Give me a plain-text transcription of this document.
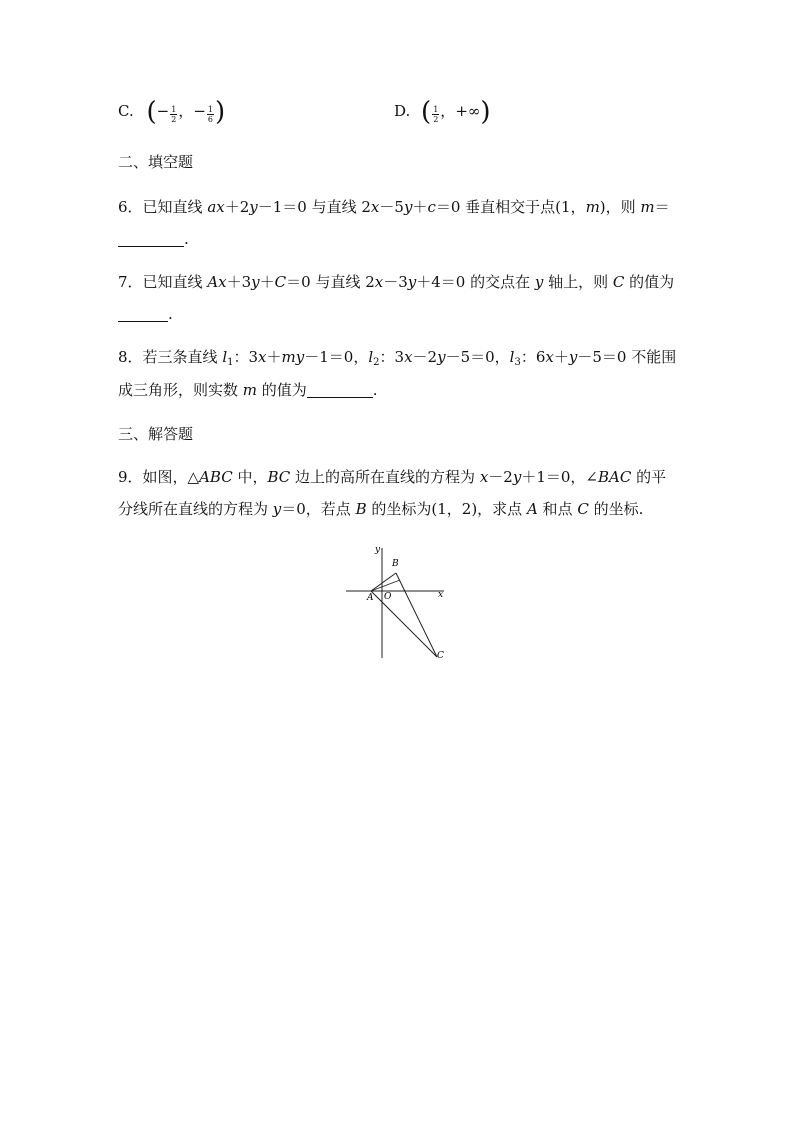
C. (− $\frac{1}{2}$ ，− $\frac{1}{6}$ )	D. ( $\frac{1}{2}$ ，+∞)
二、填空题
6．已知直线 ax＋2y－1＝0 与直线 2x－5y＋c＝0 垂直相交于点(1，m)，则 m＝
.
7．已知直线 Ax＋3y＋C＝0 与直线 2x－3y＋4＝0 的交点在 y 轴上，则 C 的值为
.
8．若三条直线 $l_1$：3x＋my－1＝0，$l_2$：3x－2y－5＝0，$l_3$：6x＋y－5＝0 不能围
成三角形，则实数 m 的值为	.
三、解答题
9．如图，△ABC 中，BC 边上的高所在直线的方程为 x－2y＋1＝0，∠BAC 的平
分线所在直线的方程为 y＝0，若点 B 的坐标为(1，2)，求点 A 和点 C 的坐标.
y
x
A O
B
C
